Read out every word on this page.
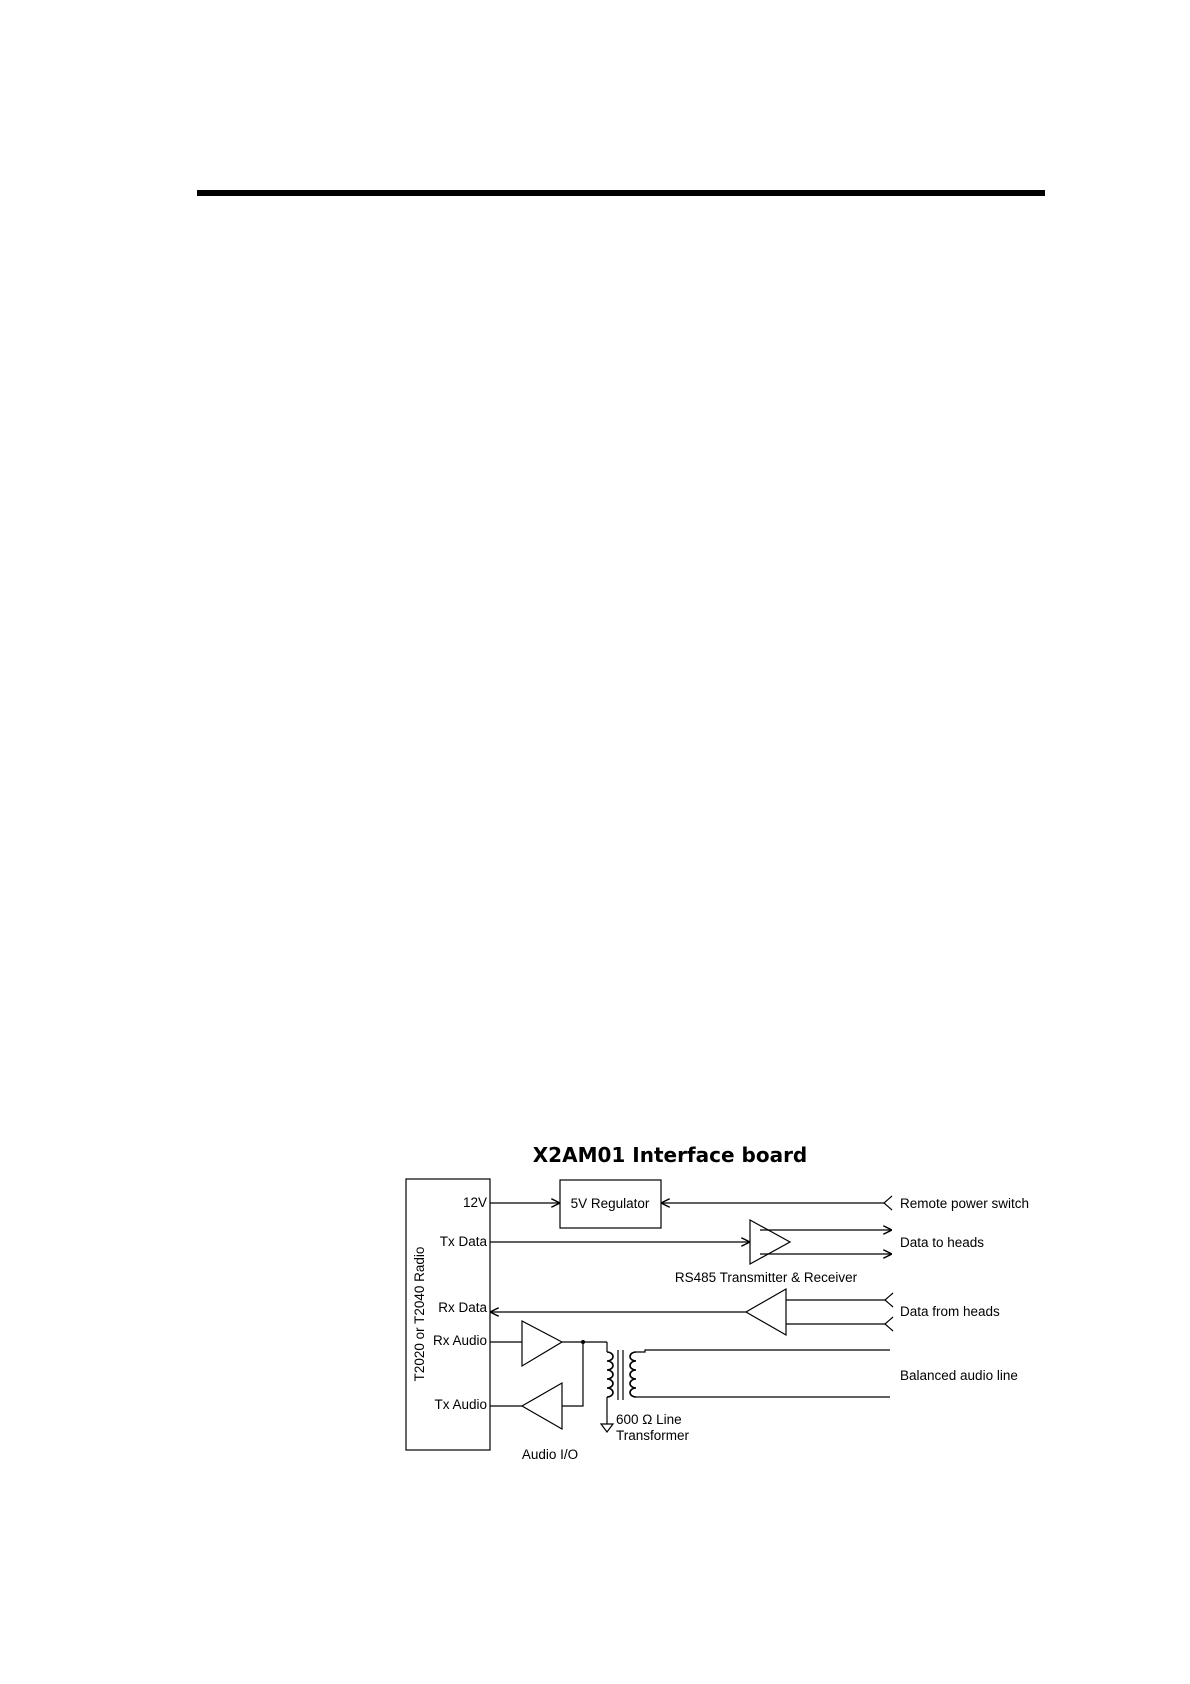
X2AM01 Interface board
T2020 or T2040 Radio
12V
Tx Data
Rx Data
Rx Audio
Tx Audio
5V Regulator	Remote power switch
Data to heads
RS485 Transmitter & Receiver
Data from heads
Audio I/O
600 Ω Line
Transformer
Balanced audio line
